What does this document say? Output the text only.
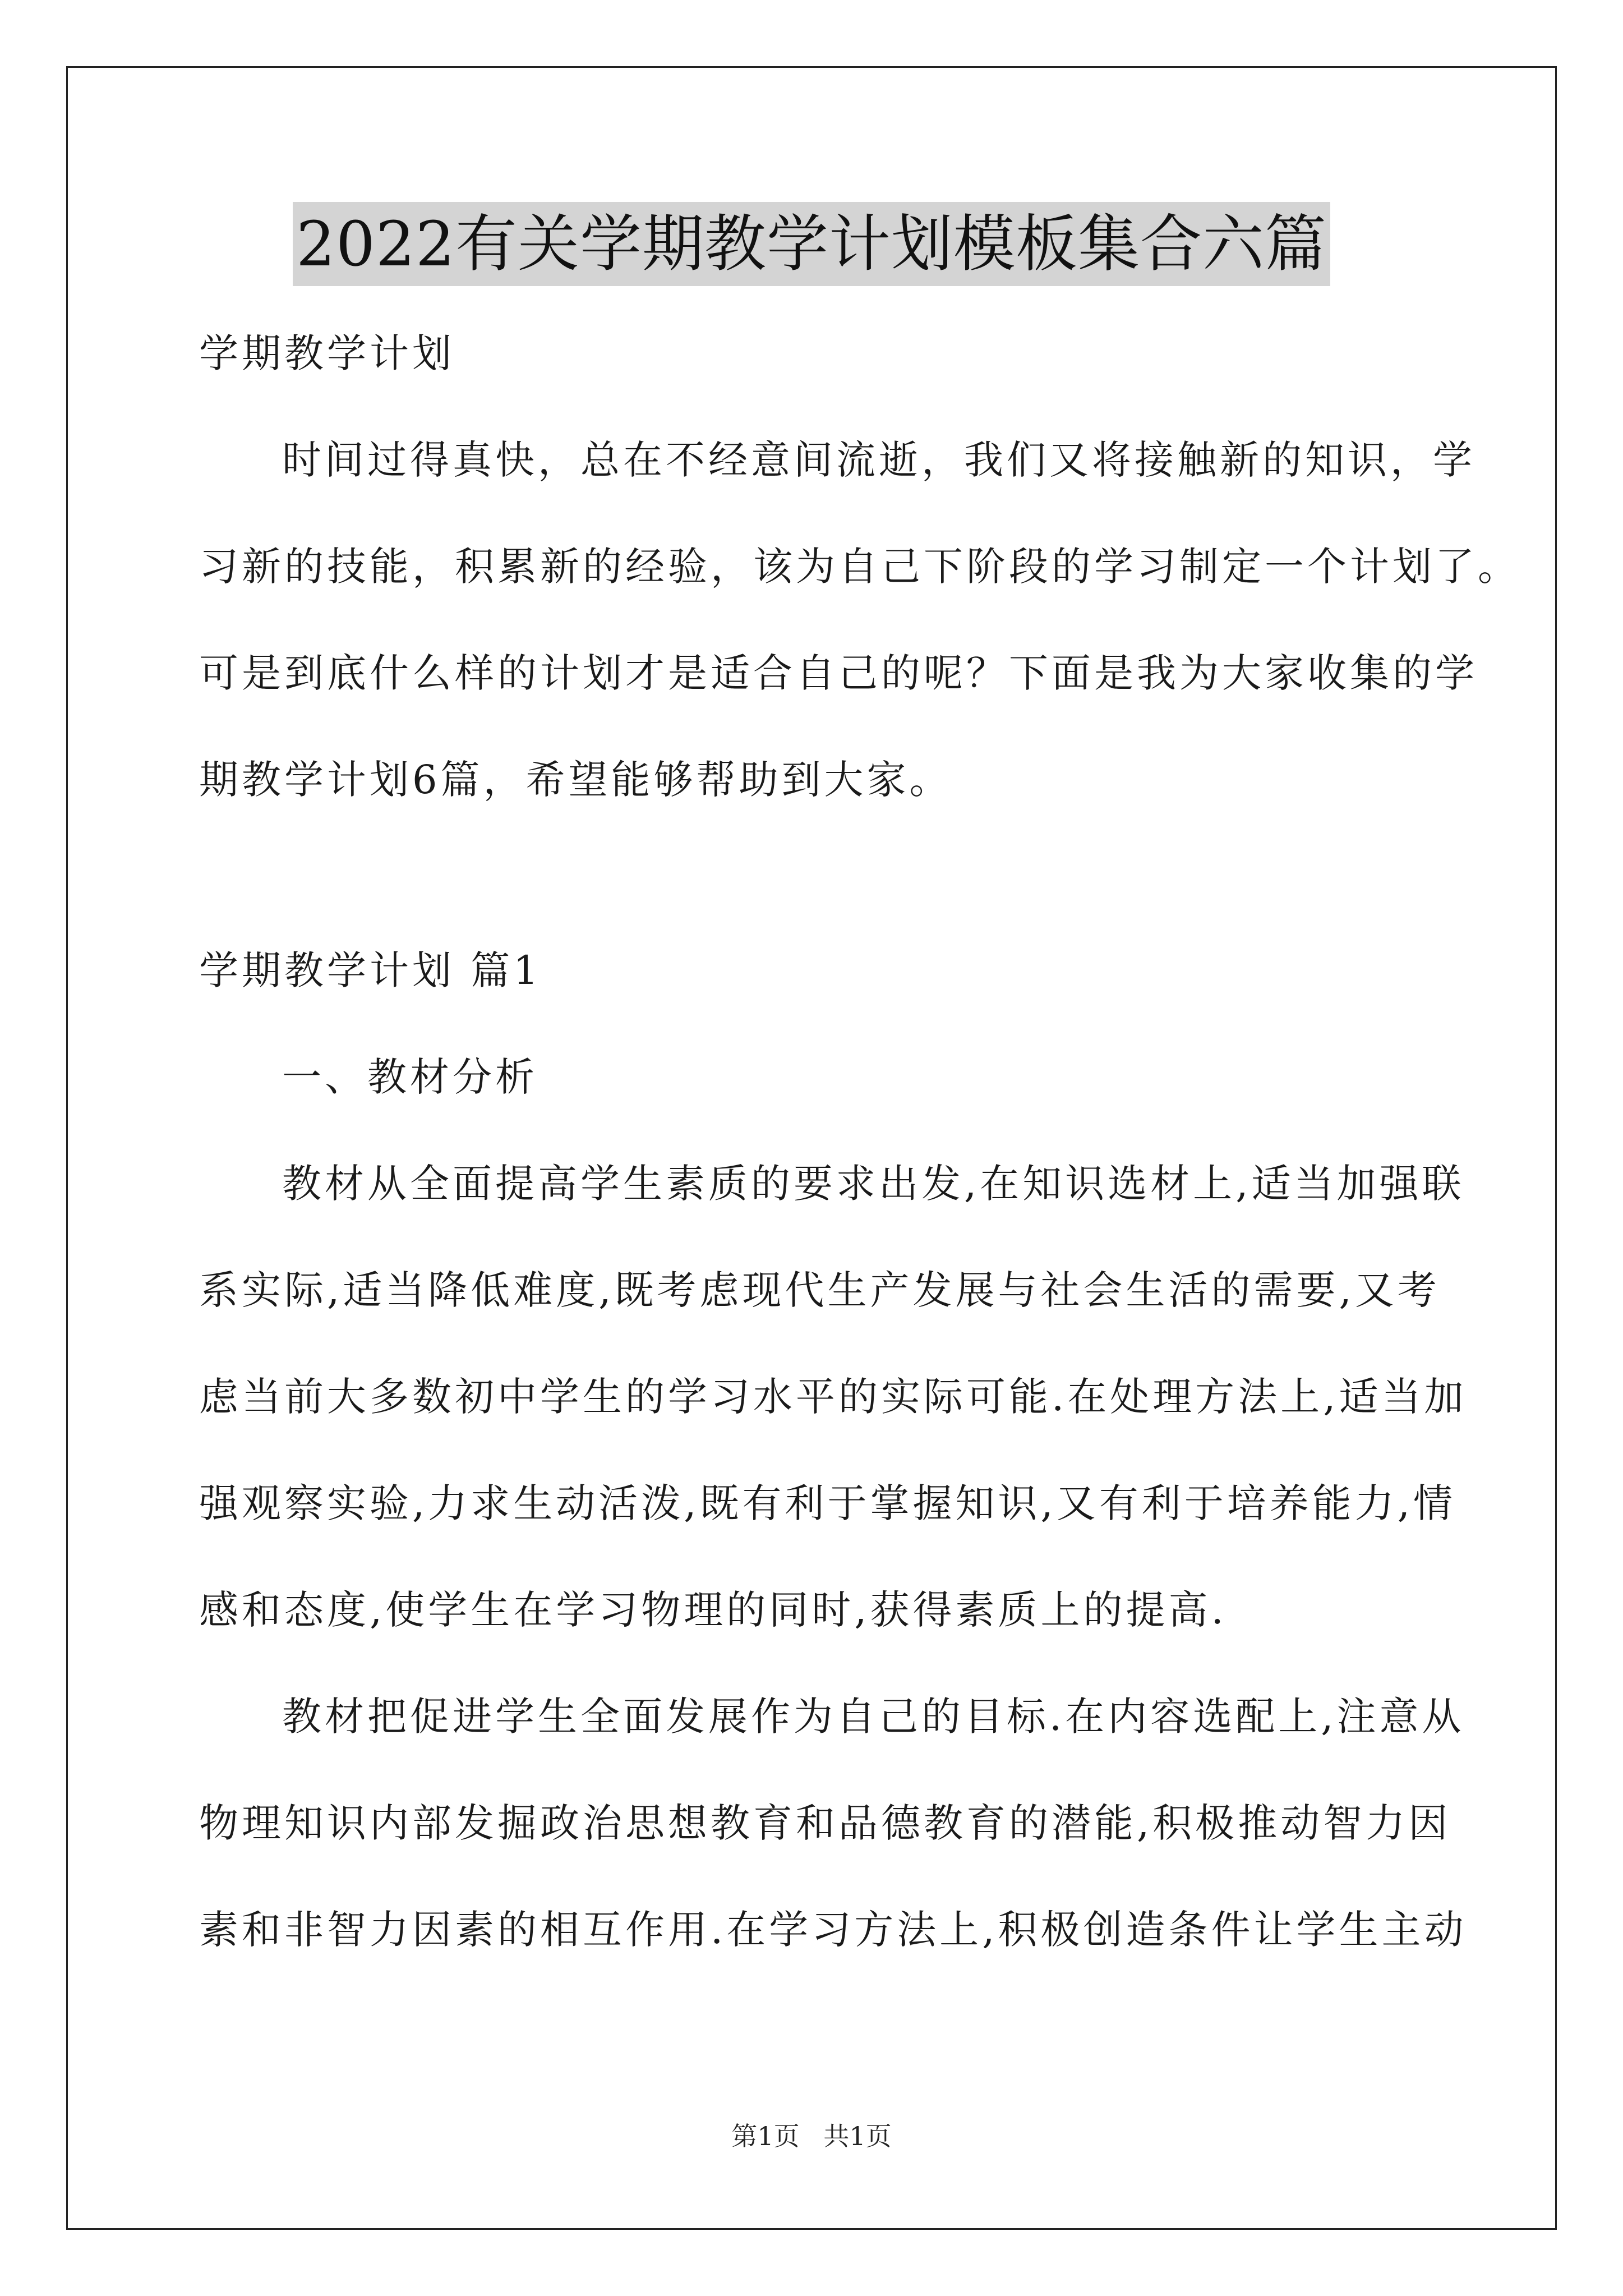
2022有关学期教学计划模板集合六篇
学期教学计划
时间过得真快，总在不经意间流逝，我们又将接触新的知识，学
习新的技能，积累新的经验，该为自己下阶段的学习制定一个计划了。
可是到底什么样的计划才是适合自己的呢？下面是我为大家收集的学
期教学计划6篇，希望能够帮助到大家。
学期教学计划 篇1
一、教材分析
教材从全面提高学生素质的要求出发,在知识选材上,适当加强联
系实际,适当降低难度,既考虑现代生产发展与社会生活的需要,又考
虑当前大多数初中学生的学习水平的实际可能.在处理方法上,适当加
强观察实验,力求生动活泼,既有利于掌握知识,又有利于培养能力,情
感和态度,使学生在学习物理的同时,获得素质上的提高.
教材把促进学生全面发展作为自己的目标.在内容选配上,注意从
物理知识内部发掘政治思想教育和品德教育的潜能,积极推动智力因
素和非智力因素的相互作用.在学习方法上,积极创造条件让学生主动
第1页 共1页
